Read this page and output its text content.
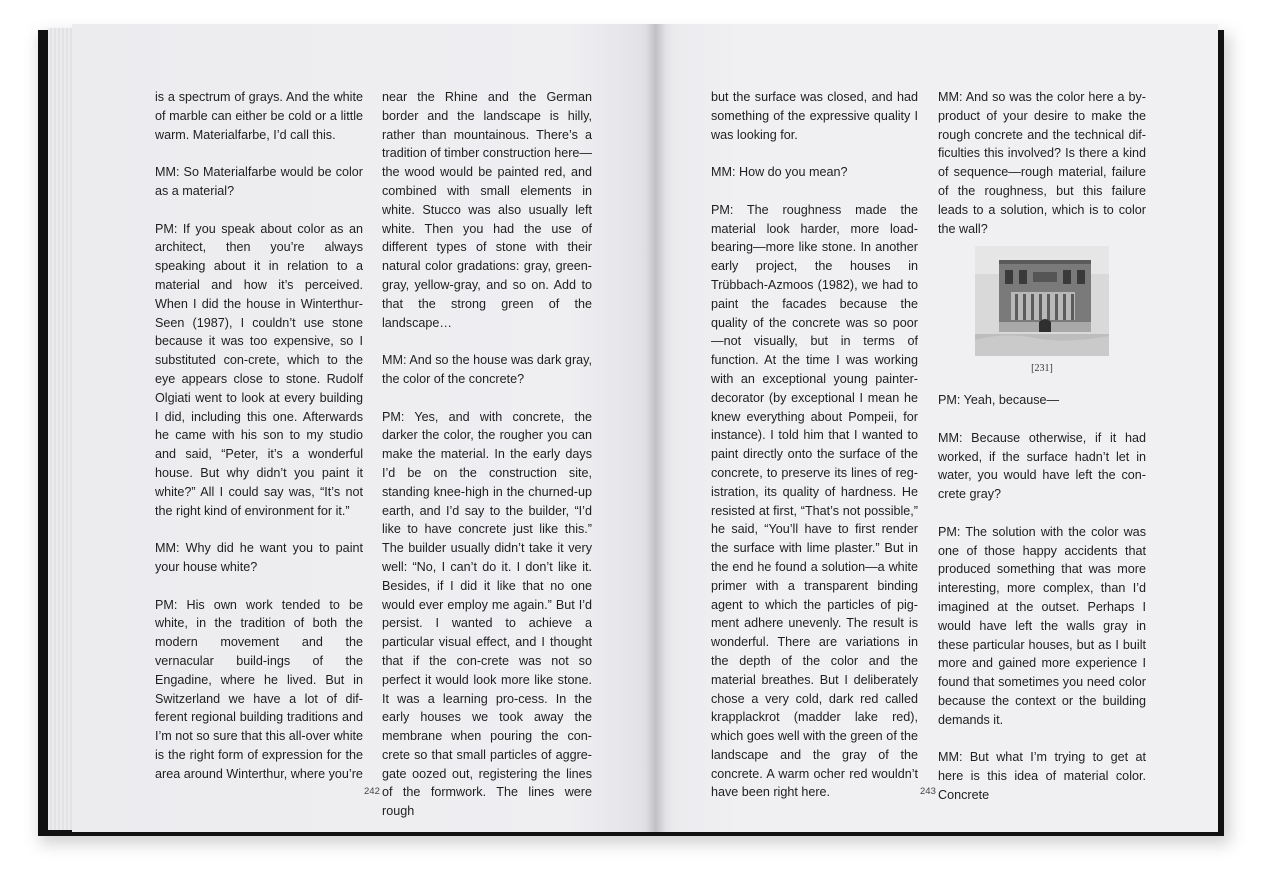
is a spectrum of grays. And the white of marble can either be cold or a little warm. Materialfarbe, I’d call this.

MM: So Materialfarbe would be color as a material?

PM: If you speak about color as an architect, then you’re always speaking about it in relation to a material and how it’s perceived. When I did the house in Winterthur-Seen (1987), I couldn’t use stone because it was too expensive, so I substituted con-crete, which to the eye appears close to stone. Rudolf Olgiati went to look at every building I did, including this one. Afterwards he came with his son to my studio and said, “Peter, it’s a wonderful house. But why didn’t you paint it white?” All I could say was, “It’s not the right kind of environment for it.”

MM: Why did he want you to paint your house white?

PM: His own work tended to be white, in the tradition of both the modern movement and the vernacular build-ings of the Engadine, where he lived. But in Switzerland we have a lot of dif-ferent regional building traditions and I’m not so sure that this all-over white is the right form of expression for the area around Winterthur, where you’re

near the Rhine and the German border and the landscape is hilly, rather than mountainous. There’s a tradition of timber construction here—the wood would be painted red, and combined with small elements in white. Stucco was also usually left white. Then you had the use of different types of stone with their natural color gradations: gray, green-gray, yellow-gray, and so on. Add to that the strong green of the landscape…

MM: And so the house was dark gray, the color of the concrete?

PM: Yes, and with concrete, the darker the color, the rougher you can make the material. In the early days I’d be on the construction site, standing knee-high in the churned-up earth, and I’d say to the builder, “I’d like to have concrete just like this.” The builder usually didn’t take it very well: “No, I can’t do it. I don’t like it. Besides, if I did it like that no one would ever employ me again.” But I’d persist. I wanted to achieve a particular visual effect, and I thought that if the con-crete was not so perfect it would look more like stone. It was a learning pro-cess. In the early houses we took away the membrane when pouring the con-crete so that small particles of aggre-gate oozed out, registering the lines of the formwork. The lines were rough

242

but the surface was closed, and had something of the expressive quality I was looking for.

MM: How do you mean?

PM: The roughness made the material look harder, more load-bearing—more like stone. In another early project, the houses in Trübbach-Azmoos (1982), we had to paint the facades because the quality of the concrete was so poor—not visually, but in terms of function. At the time I was working with an exceptional young painter-decorator (by exceptional I mean he knew everything about Pompeii, for instance). I told him that I wanted to paint directly onto the surface of the concrete, to preserve its lines of reg-istration, its quality of hardness. He resisted at first, “That’s not possible,” he said, “You’ll have to first render the surface with lime plaster.” But in the end he found a solution—a white primer with a transparent binding agent to which the particles of pig-ment adhere unevenly. The result is wonderful. There are variations in the depth of the color and the material breathes. But I deliberately chose a very cold, dark red called krapplackrot (madder lake red), which goes well with the green of the landscape and the gray of the concrete. A warm ocher red wouldn’t have been right here.

MM: And so was the color here a by-product of your desire to make the rough concrete and the technical dif-ficulties this involved? Is there a kind of sequence—rough material, failure of the roughness, but this failure leads to a solution, which is to color the wall?

[231]

PM: Yeah, because—

MM: Because otherwise, if it had worked, if the surface hadn’t let in water, you would have left the con-crete gray?

PM: The solution with the color was one of those happy accidents that produced something that was more interesting, more complex, than I’d imagined at the outset. Perhaps I would have left the walls gray in these particular houses, but as I built more and gained more experience I found that sometimes you need color because the context or the building demands it.

MM: But what I’m trying to get at here is this idea of material color. Concrete

243
